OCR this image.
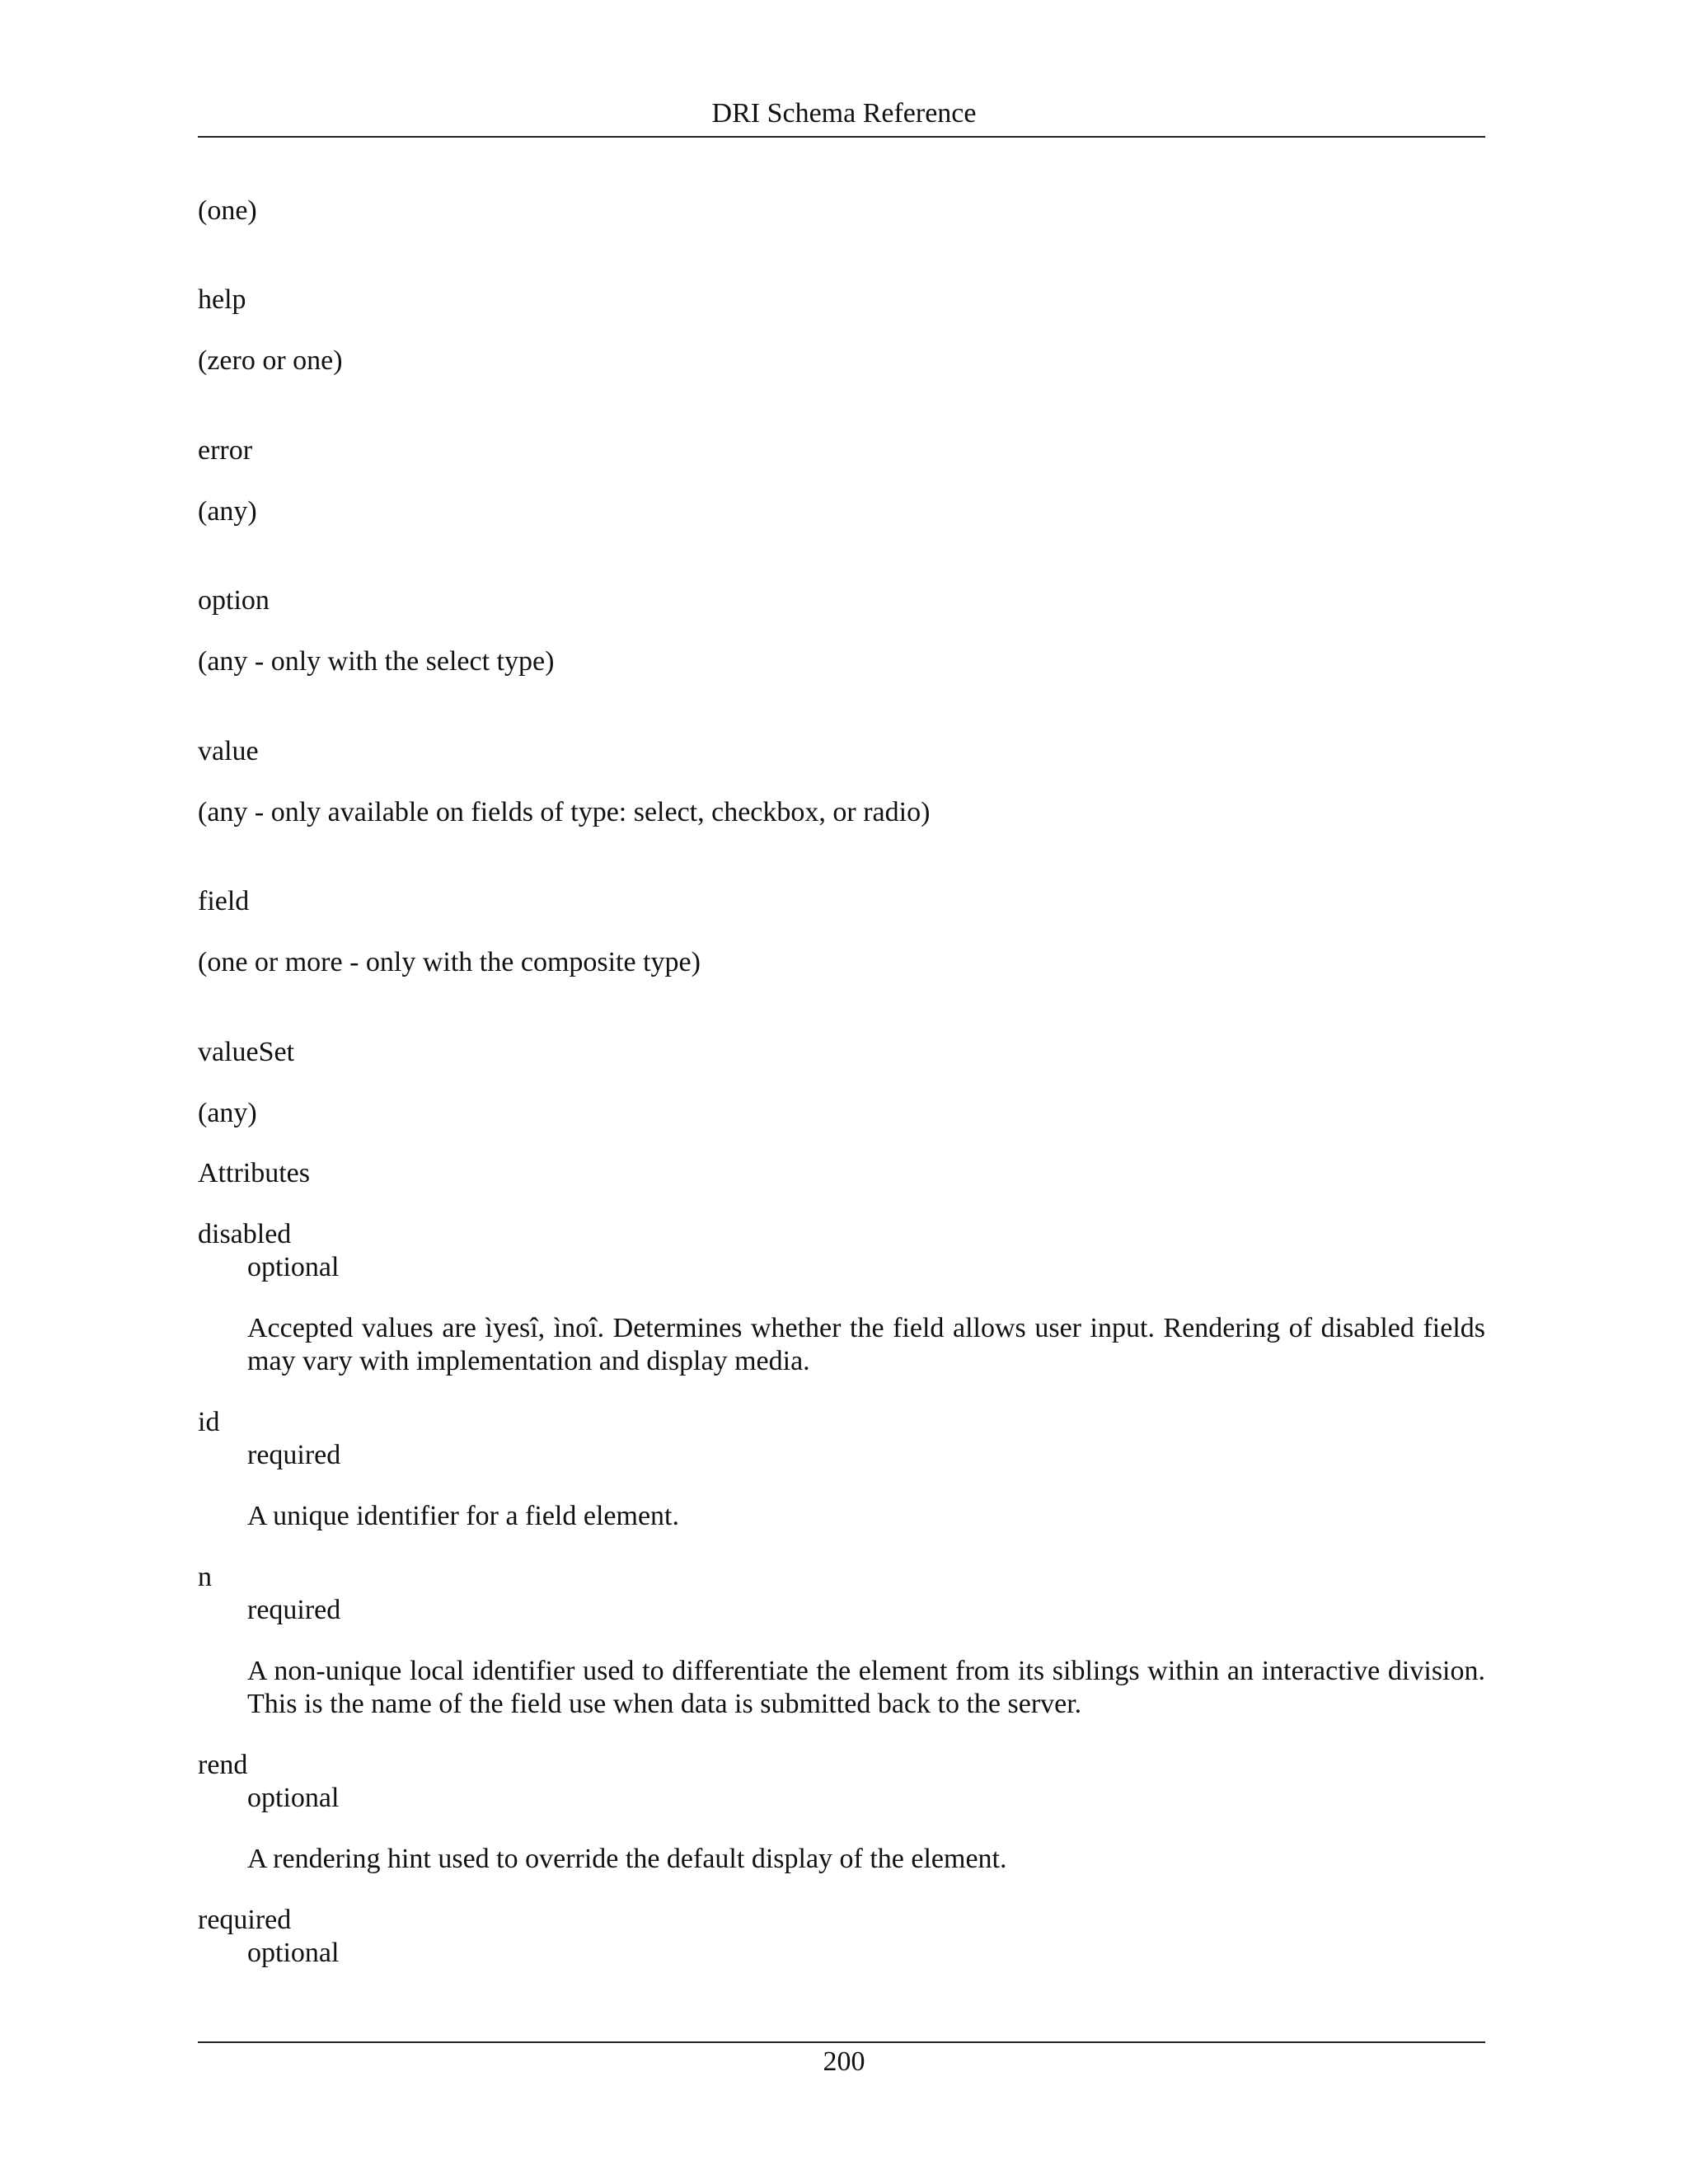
DRI Schema Reference
(one)
help
(zero or one)
error
(any)
option
(any - only with the select type)
value
(any - only available on fields of type: select, checkbox, or radio)
field
(one or more - only with the composite type)
valueSet
(any)
Attributes
disabled
optional
Accepted values are ìyesî, ìnoî. Determines whether the field allows user input. Rendering of disabled fields may vary with implementation and display media.
id
required
A unique identifier for a field element.
n
required
A non-unique local identifier used to differentiate the element from its siblings within an interactive division. This is the name of the field use when data is submitted back to the server.
rend
optional
A rendering hint used to override the default display of the element.
required
optional
200
